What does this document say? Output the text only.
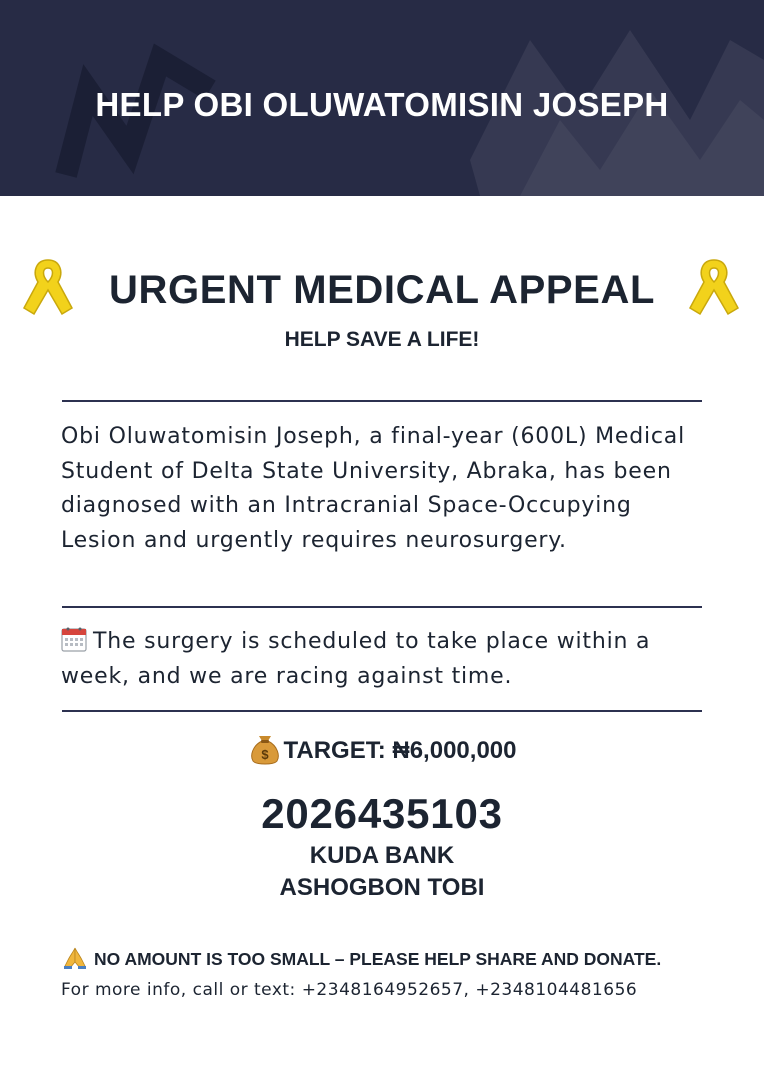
HELP OBI OLUWATOMISIN JOSEPH
URGENT MEDICAL APPEAL
HELP SAVE A LIFE!
Obi Oluwatomisin Joseph, a final-year (600L) Medical Student of Delta State University, Abraka, has been diagnosed with an Intracranial Space-Occupying Lesion and urgently requires neurosurgery.
The surgery is scheduled to take place within a week, and we are racing against time.
$ TARGET: ₦6,000,000
2026435103
KUDA BANK
ASHOGBON TOBI
NO AMOUNT IS TOO SMALL – PLEASE HELP SHARE AND DONATE.
For more info, call or text: +2348164952657, +2348104481656
